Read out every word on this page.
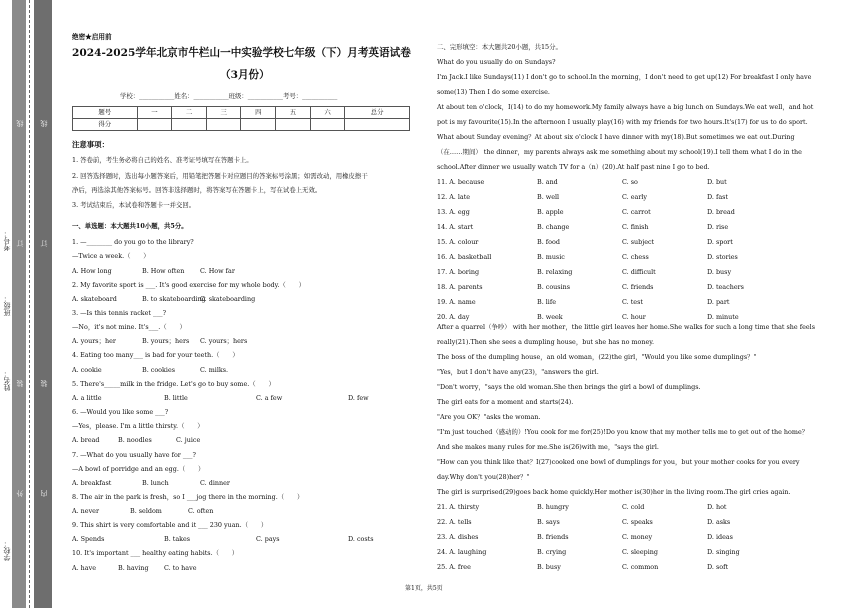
学校：
姓名：
班级：
考号：
外
装
订
线
内
装
订
线
绝密★启用前
2024-2025学年北京市牛栏山一中实验学校七年级（下）月考英语试卷
（3月份）
学校：___________姓名：___________班级：___________考号：___________
题号	一	二	三	四	五	六	总分
得分							
注意事项：
1. 答卷前，考生务必将自己的姓名、准考证号填写在答题卡上。
2. 回答选择题时，选出每小题答案后，用铅笔把答题卡对应题目的答案标号涂黑；如需改动，用橡皮擦干
净后，再选涂其他答案标号。回答非选择题时，将答案写在答题卡上，写在试卷上无效。
3. 考试结束后，本试卷和答题卡一并交回。
一、单选题：本大题共10小题，共5分。
1. —________ do you go to the library?
—Twice a week.（　　）
A. How long	B. How often C. How far
2. My favorite sport is ___. It's good exercise for my whole body.（　　）
A. skateboard	B. to skateboarding
C. skateboarding
3. —Is this tennis racket ___?
—No，it's not mine. It's___.（　　）
A. yours；her	B. yours；hers C. yours；hers
4. Eating too many___ is bad for your teeth.（　　）
A. cookie	B. cookies	C. milks.
5. There's_____milk in the fridge. Let's go to buy some.（　　）
A. a little	B. little	C. a few	D. few
6. —Would you like some ___?
—Yes，please. I'm a little thirsty.（　　）
A. bread	B. noodles	C. juice
7. —What do you usually have for ___?
—A bowl of porridge and an egg.（　　）
A. breakfast	B. lunch	C. dinner
8. The air in the park is fresh，so I ___jog there in the morning.（　　）
A. never	B. seldom	C. often
9. This shirt is very comfortable and it ___ 230 yuan.（　　）
A. Spends	B. takes	C. pays	D. costs
10. It's important ___ healthy eating habits.（　　）
A. have	B. having C. to have
二、完形填空：本大题共20小题，共15分。
What do you usually do on Sundays?
I'm Jack.I like Sundays(11) I don't go to school.In the morning，I don't need to get up(12) For breakfast I only have
some(13) Then I do some exercise.
At about ten o'clock，I(14) to do my homework.My family always have a big lunch on Sundays.We eat well，and hot
pot is my favourite(15).In the afternoon I usually play(16) with my friends for two hours.It's(17) for us to do sport.
What about Sunday evening？At about six o'clock I have dinner with my(18).But sometimes we eat out.During
（在……期间） the dinner，my parents always ask me something about my school(19).I tell them what I do in the
school.After dinner we usually watch TV for a（n）(20).At half past nine I go to bed.
11. A. because	B. and	C. so	D. but
12. A. late	B. well	C. early	D. fast
13. A. egg	B. apple	C. carrot	D. bread
14. A. start	B. change	C. finish	D. rise
15. A. colour	B. food	C. subject	D. sport
16. A. basketball	B. music	C. chess	D. stories
17. A. boring	B. relaxing	C. difficult	D. busy
18. A. parents	B. cousins	C. friends	D. teachers
19. A. name	B. life	C. test	D. part
20. A. day	B. week	C. hour	D. minute
After a quarrel（争吵） with her mother，the little girl leaves her home.She walks for such a long time that she feels
really(21).Then she sees a dumpling house，but she has no money.
The boss of the dumpling house，an old woman，(22)the girl，"Would you like some dumplings？"
"Yes，but I don't have any(23)，"answers the girl.
"Don't worry，"says the old woman.She then brings the girl a bowl of dumplings.
The girl eats for a moment and starts(24).
"Are you OK？"asks the woman.
"I'm just touched（感动的）!You cook for me for(25)!Do you know that my mother tells me to get out of the home？
And she makes many rules for me.She is(26)with me，"says the girl.
"How can you think like that？I(27)cooked one bowl of dumplings for you，but your mother cooks for you every
day.Why don't you(28)her？"
The girl is surprised(29)goes back home quickly.Her mother is(30)her in the living room.The girl cries again.
21. A. thirsty	B. hungry	C. cold	D. hot
22. A. tells	B. says	C. speaks	D. asks
23. A. dishes	B. friends	C. money	D. ideas
24. A. laughing	B. crying	C. sleeping	D. singing
25. A. free	B. busy	C. common	D. soft
第1页，共5页
